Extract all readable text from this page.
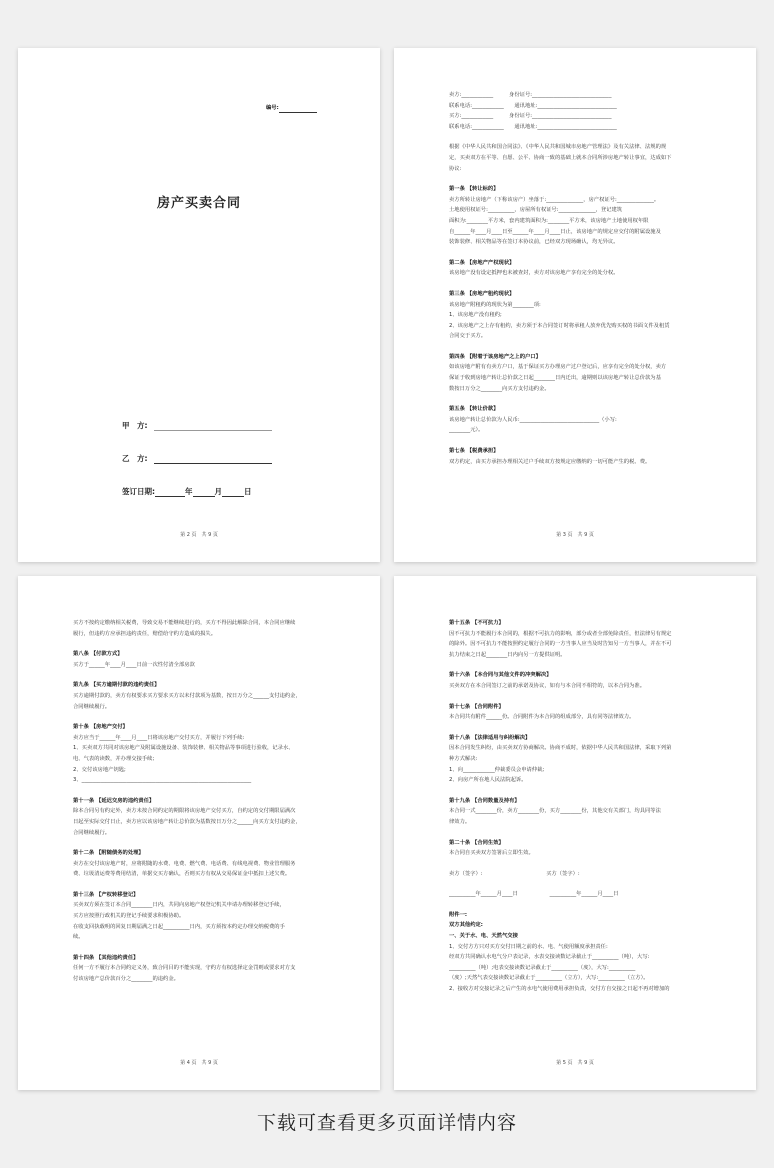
编号:
房产买卖合同
甲　方:
乙　方:
签订日期:	年	月	日
第 2 页　共 9 页

卖方:____________　　　身份证号:______________________________

联系电话:____________　　通讯地址:______________________________

买方:____________　　　身份证号:______________________________

联系电话:____________　　通讯地址:______________________________

根据《中华人民共和国合同法》、《中华人民共和国城市房地产管理法》及有关法律、法规的规

定，买卖双方在平等、自愿、公平、协商一致的基础上就本合同所涉房地产转让事宜，达成如下

协议:

第一条 【转让标的】

卖方所转让房地产（下称该房产）坐落于:______________，房产权证号:______________。

土地使用权证号:__________，房屋所有权证号:______________，登记建筑

面积为:________平方米，套内建筑面积为:________平方米，该房地产土地使用权年限

自______年____月____日至______年____月____日止，该房地产的规定应交付的附属设施及

装饰装修、相关物品等在签订本协议前，已经双方现场确认，均无异议。

第二条 【房地产产权现状】

该房地产没有设定抵押也未被查封，卖方对该房地产享有完全的处分权。

第三条 【房地产租约现状】

该房地产附租约的现状为第________项:

1、该房地产没有租约;

2、该房地产之上存有租约，卖方须于本合同签订时将承租人放弃优先购买权的书面文件及租赁

合同交于买方。

第四条 【附着于该房地产之上的户口】

如该房地产附有有卖方户口，基于保证买方办理房产过户登记后，应享有完全的处分权，卖方

保证于收到房地产转让总价款之日起________日内迁出，逾期则以该房地产转让总价款为基

数按日万分之________向买方支付违约金。

第五条 【转让价款】

该房地产转让总价款为人民币:______________________________（小写:

________元）。

第七条 【税费承担】

双方约定，由买方承担办理相关过户手续双方按规定应缴纳的一切可能产生的税、费。

第 3 页　共 9 页

买方不按约定缴纳相关税费，导致交易不能继续进行的，买方不得因此解除合同，本合同应继续

履行，但违约方应承担违约责任，赔偿给守约方造成的损失。

第八条 【付款方式】

买方于______年____月____日前一次性付清全部房款

第九条 【买方逾期付款的违约责任】

买方逾期付款的，卖方有权要求买方要求买方以未付款项为基数，按日万分之______支付违约金，

合同继续履行。

第十条 【房地产交付】

卖方应当于______年____月____日将该房地产交付买方，并履行下列手续:

1、买卖双方共同对该房地产及附属设施设备、装饰装修、相关物品等事项进行验收，记录水、

电、气表的读数，并办理交接手续;

2、交付该房地产钥匙;

3、________________________________________________________________

第十一条 【延迟交房的违约责任】

除本合同另有约定外，卖方未按合同约定的期限将该房地产交付买方，自约定的交付期限届满次

日起至实际交付日止，卖方应以该房地产转让总价款为基数按日万分之______向买方支付违约金，

合同继续履行。

第十二条 【附随债务的处理】

卖方在交付该房地产时，应将附随的水费、电费、燃气费、电话费、有线电视费、物业管理服务

费、垃圾清运费等费用结清，单据交买方确认，否则买方有权从交易保证金中抵扣上述欠费。

第十三条 【产权转移登记】

买卖双方须在签订本合同________日内，共同向房地产权登记机关申请办理转移登记手续，

买方应按照行政机关的登记手续要求积极协助。

在收支回执载明的回复日期届满之日起__________日内，买方须按本约定办理交纳税费的手

续。

第十四条 【其他违约责任】

任何一方不履行本合同约定义务，致合同目的不能实现，守约方有权选择定金罚则或要求对方支

付该房地产总价款百分之________的违约金。

第 4 页　共 9 页

第十五条 【不可抗力】

因不可抗力不能履行本合同的，根据不可抗力的影响，部分或者全部免除责任，但法律另有规定

的除外。因不可抗力不能按照约定履行合同的一方当事人应当及时告知另一方当事人，并在不可

抗力结束之日起________日内向另一方提供证明。

第十六条 【本合同与其他文件的冲突解决】

买卖双方在本合同签订之前的承诺及协议，如有与本合同不相符的，以本合同为准。

第十七条 【合同附件】

本合同共有附件______份。合同附件为本合同的组成部分，具有同等法律效力。

第十八条 【法律适用与纠纷解决】

因本合同发生纠纷，由买卖双方协商解决。协商不成时，依据中华人民共和国法律，采取下列第

种方式解决:

1、向____________仲裁委员会申请仲裁;

2、向房产所在地人民法院起诉。

第十九条 【合同数量及持有】

本合同一式________份，卖方________份，买方________份，其他交有关部门，均具同等法

律效力。

第二十条 【合同生效】

本合同自买卖双方签署后立即生效。

卖方（签字）:　　　　　　　　　　　　买方（签字）:

__________年______月____日　　　　　　__________年______月____日

附件一:

双方其他约定:

一、关于水、电、天然气交接

1、交付方方只对买方交付日期之前的水、电、气使用额度承担责任:

经双方共同确认水电气分户表记录，水表交接读数记录截止于__________（吨），大写:

__________（吨）;电表交接读数记录截止于__________（度），大写:__________

（度）;天然气表交接读数记录截止于__________（立方），大写:__________（立方）。

2、接收方对交接记录之后产生的水电气使用费用承担负责，交付方自交接之日起不再对增加的

第 5 页　共 9 页
下载可查看更多页面详情内容
